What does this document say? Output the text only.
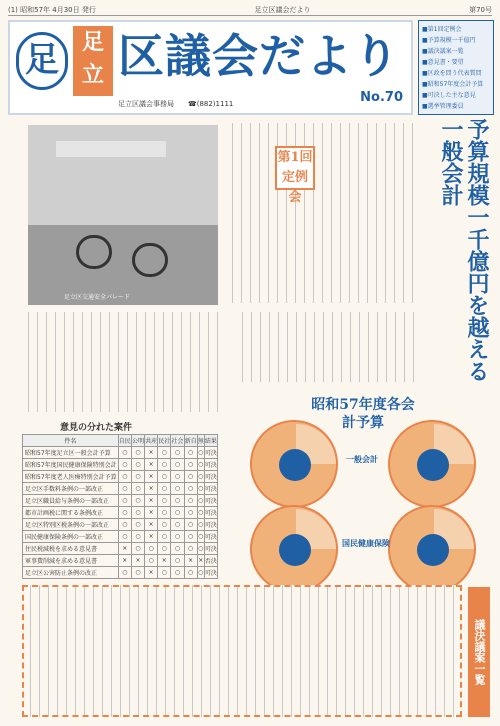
(1) 昭和57年 4月30日 発行	足立区議会だより	第70号
足	足立 区議会だより
足立区議会事務局 ☎(882)1111	No.70
■第1回定例会
■予算規模一千億円
■議決議案一覧
■意見書・要望
■区政を問う代表質問
■昭和57年度会計予算
■可決した主な意見
■選挙管理委員
足立区交通安全パレード
第1回定例会	予算規模一千億円を越える一般会計
昭和57年度各会計予算
一般会計
国民健康保険
意見の分れた案件
件名	自民	公明	共産	民社	社会	新自	無	結果
昭和57年度足立区一般会計予算	○	○	×	○	○	○	○	可決
昭和57年度国民健康保険特別会計	○	○	×	○	○	○	○	可決
昭和57年度老人医療特別会計予算	○	○	×	○	○	○	○	可決
足立区手数料条例の一部改正	○	○	×	○	○	○	○	可決
足立区職員給与条例の一部改正	○	○	×	○	○	○	○	可決
都市計画税に関する条例改正	○	○	×	○	○	○	○	可決
足立区特別区税条例の一部改正	○	○	×	○	○	○	○	可決
国民健康保険条例の一部改正	○	○	×	○	○	○	○	可決
住民税減税を求める意見書	×	○	○	○	○	○	○	可決
軍事費削減を求める意見書	×	×	○	×	○	×	×	否決
足立区公害防止条例の改正	○	○	×	○	○	○	○	可決
議決議案一覧
